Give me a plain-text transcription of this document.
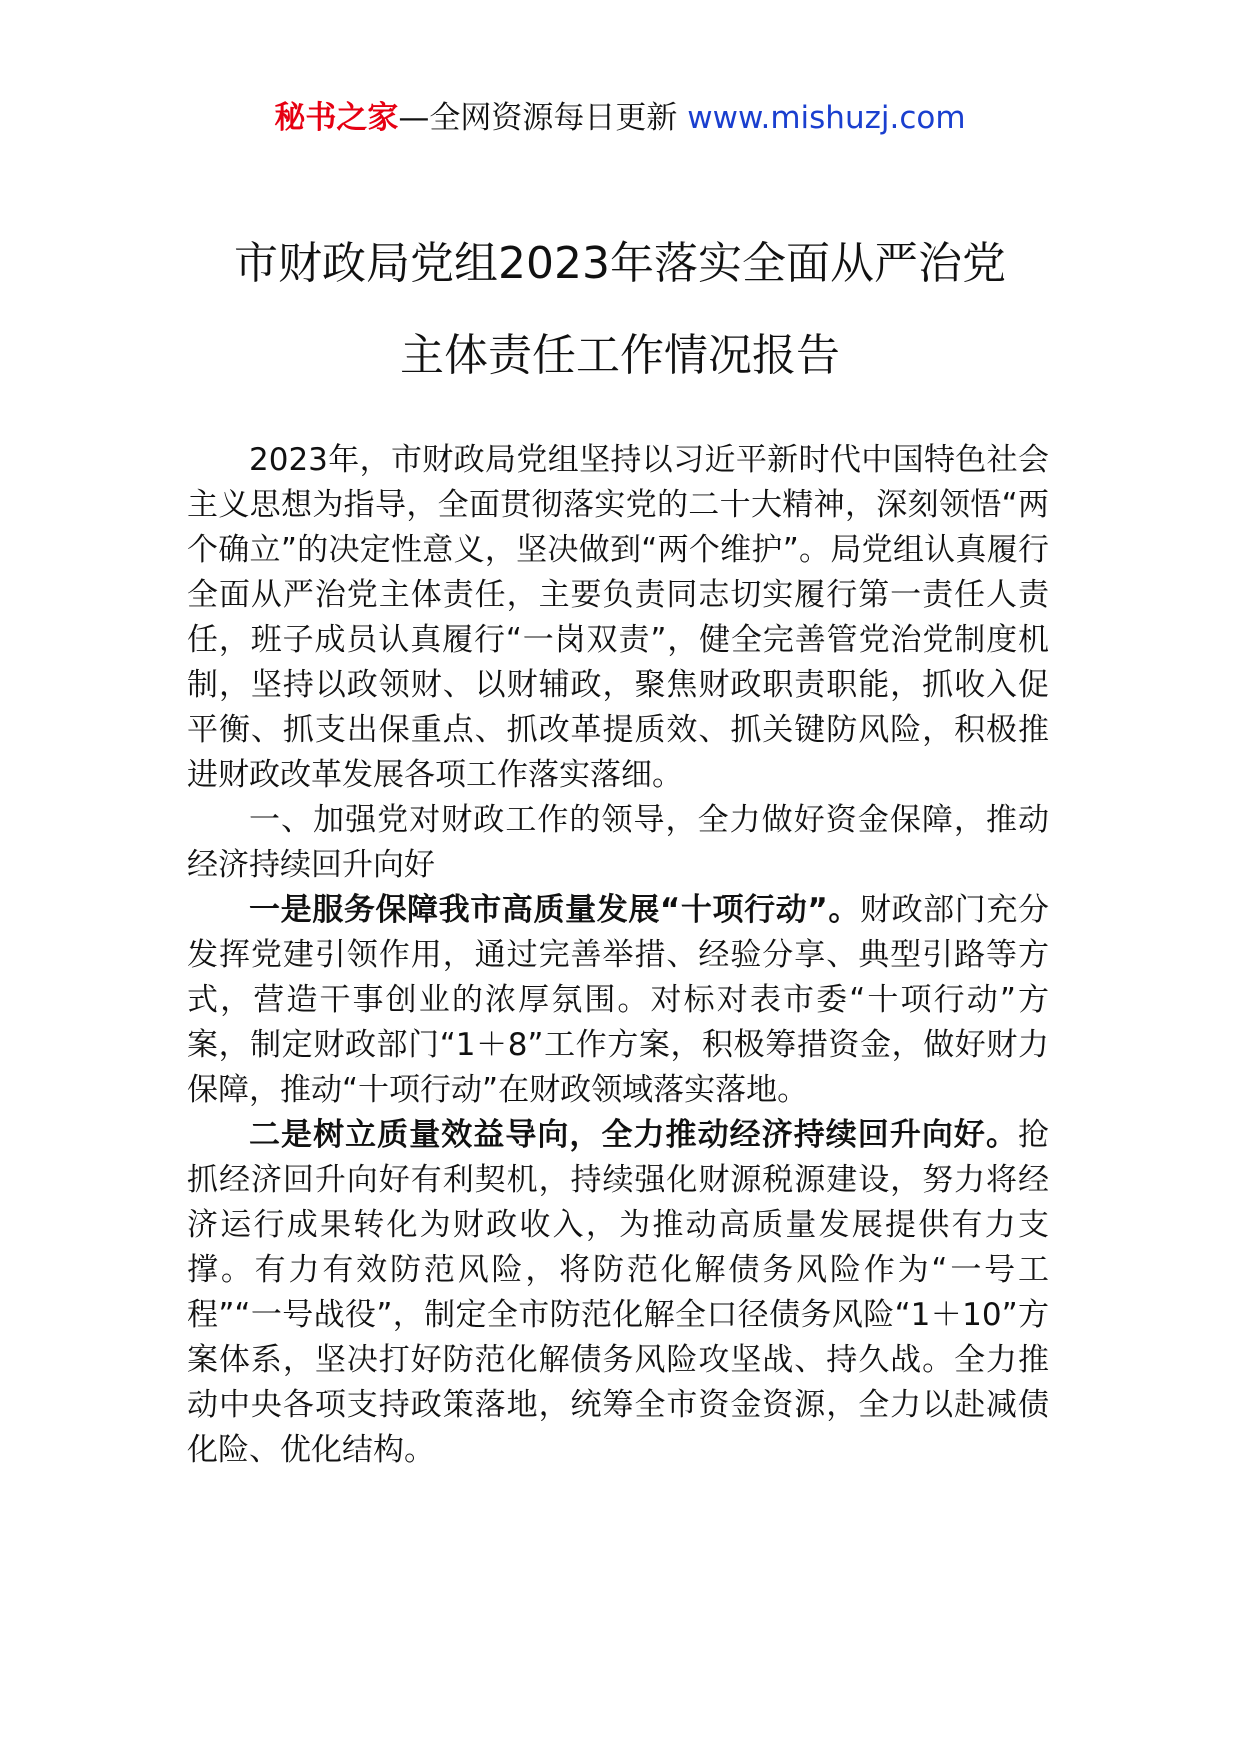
秘书之家—全网资源每日更新 www.mishuzj.com
市财政局党组2023年落实全面从严治党
主体责任工作情况报告

2023年，市财政局党组坚持以习近平新时代中国特色社会主义思想为指导，全面贯彻落实党的二十大精神，深刻领悟“两个确立”的决定性意义，坚决做到“两个维护”。局党组认真履行全面从严治党主体责任，主要负责同志切实履行第一责任人责任，班子成员认真履行“一岗双责”，健全完善管党治党制度机制，坚持以政领财、以财辅政，聚焦财政职责职能，抓收入促平衡、抓支出保重点、抓改革提质效、抓关键防风险，积极推进财政改革发展各项工作落实落细。

一、加强党对财政工作的领导，全力做好资金保障，推动经济持续回升向好

一是服务保障我市高质量发展“十项行动”。财政部门充分发挥党建引领作用，通过完善举措、经验分享、典型引路等方式，营造干事创业的浓厚氛围。对标对表市委“十项行动”方案，制定财政部门“1＋8”工作方案，积极筹措资金，做好财力保障，推动“十项行动”在财政领域落实落地。

二是树立质量效益导向，全力推动经济持续回升向好。抢抓经济回升向好有利契机，持续强化财源税源建设，努力将经济运行成果转化为财政收入，为推动高质量发展提供有力支撑。有力有效防范风险，将防范化解债务风险作为“一号工程”“一号战役”，制定全市防范化解全口径债务风险“1＋10”方案体系，坚决打好防范化解债务风险攻坚战、持久战。全力推动中央各项支持政策落地，统筹全市资金资源，全力以赴减债化险、优化结构。
